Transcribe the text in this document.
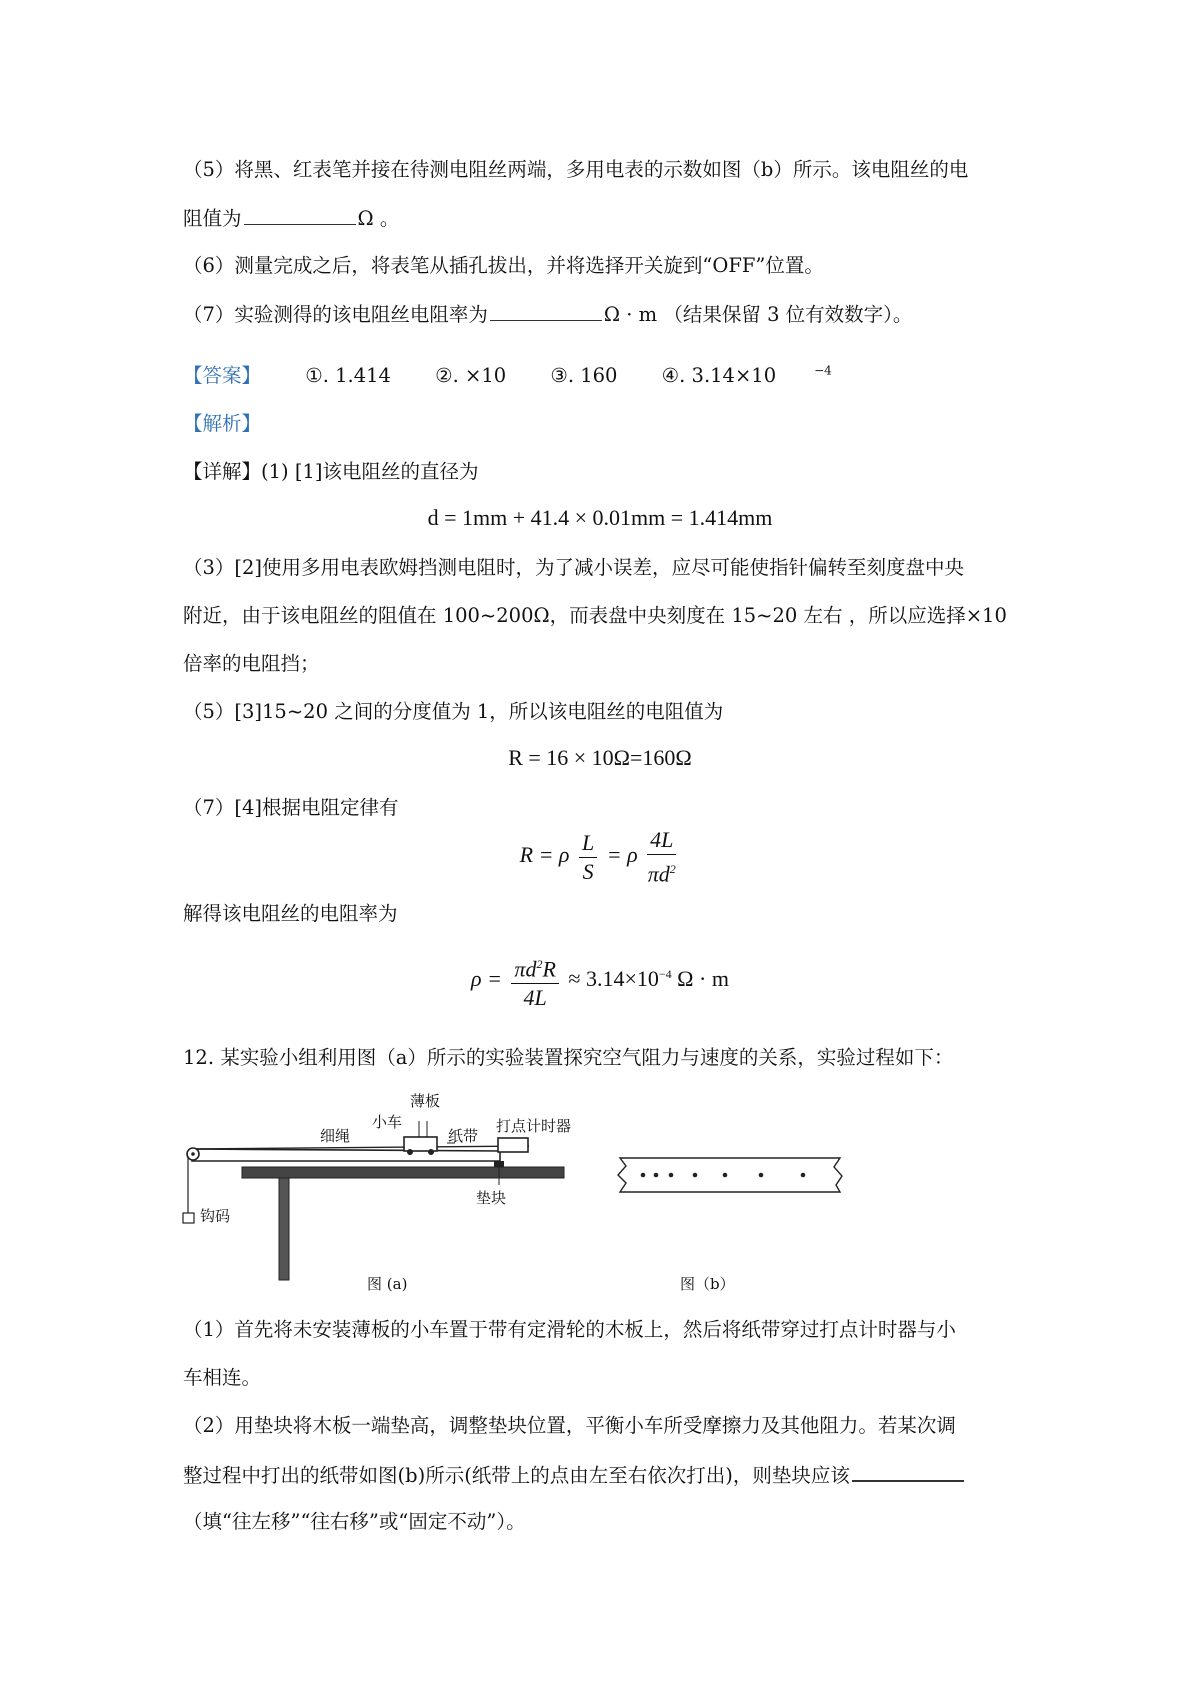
（5）将黑、红表笔并接在待测电阻丝两端，多用电表的示数如图（b）所示。该电阻丝的电
阻值为	Ω 。
（6）测量完成之后，将表笔从插孔拔出，并将选择开关旋到“OFF”位置。
（7）实验测得的该电阻丝电阻率为	Ω · m （结果保留 3 位有效数字）。
【答案】 ①. 1.414 ②. ×10 ③. 160 ④. 3.14×10	$^{-4}$
【解析】
【详解】(1) [1]该电阻丝的直径为
d = 1mm + 41.4 × 0.01mm = 1.414mm
（3）[2]使用多用电表欧姆挡测电阻时，为了减小误差，应尽可能使指针偏转至刻度盘中央
附近，由于该电阻丝的阻值在 100~200Ω，而表盘中央刻度在 15~20 左右 ，所以应选择×10
倍率的电阻挡；
（5）[3]15~20 之间的分度值为 1，所以该电阻丝的电阻值为
R = 16 × 10Ω=160Ω
（7）[4]根据电阻定律有
R = ρ $\frac{L}{S} = \rho \frac{4L}{\pi d^2}$
解得该电阻丝的电阻率为
$\rho = \frac{\pi d^2R}{4L} \approx 3.14\times 10^{-4}$ Ω · m
12. 某实验小组利用图（a）所示的实验装置探究空气阻力与速度的关系，实验过程如下：
薄板
小车
细绳	纸带
打点计时器
垫块
钩码
图 (a)	图（b）
（1）首先将未安装薄板的小车置于带有定滑轮的木板上，然后将纸带穿过打点计时器与小
车相连。
（2）用垫块将木板一端垫高，调整垫块位置，平衡小车所受摩擦力及其他阻力。若某次调
整过程中打出的纸带如图(b)所示(纸带上的点由左至右依次打出)，则垫块应该
（填“往左移”“往右移”或“固定不动”）。
